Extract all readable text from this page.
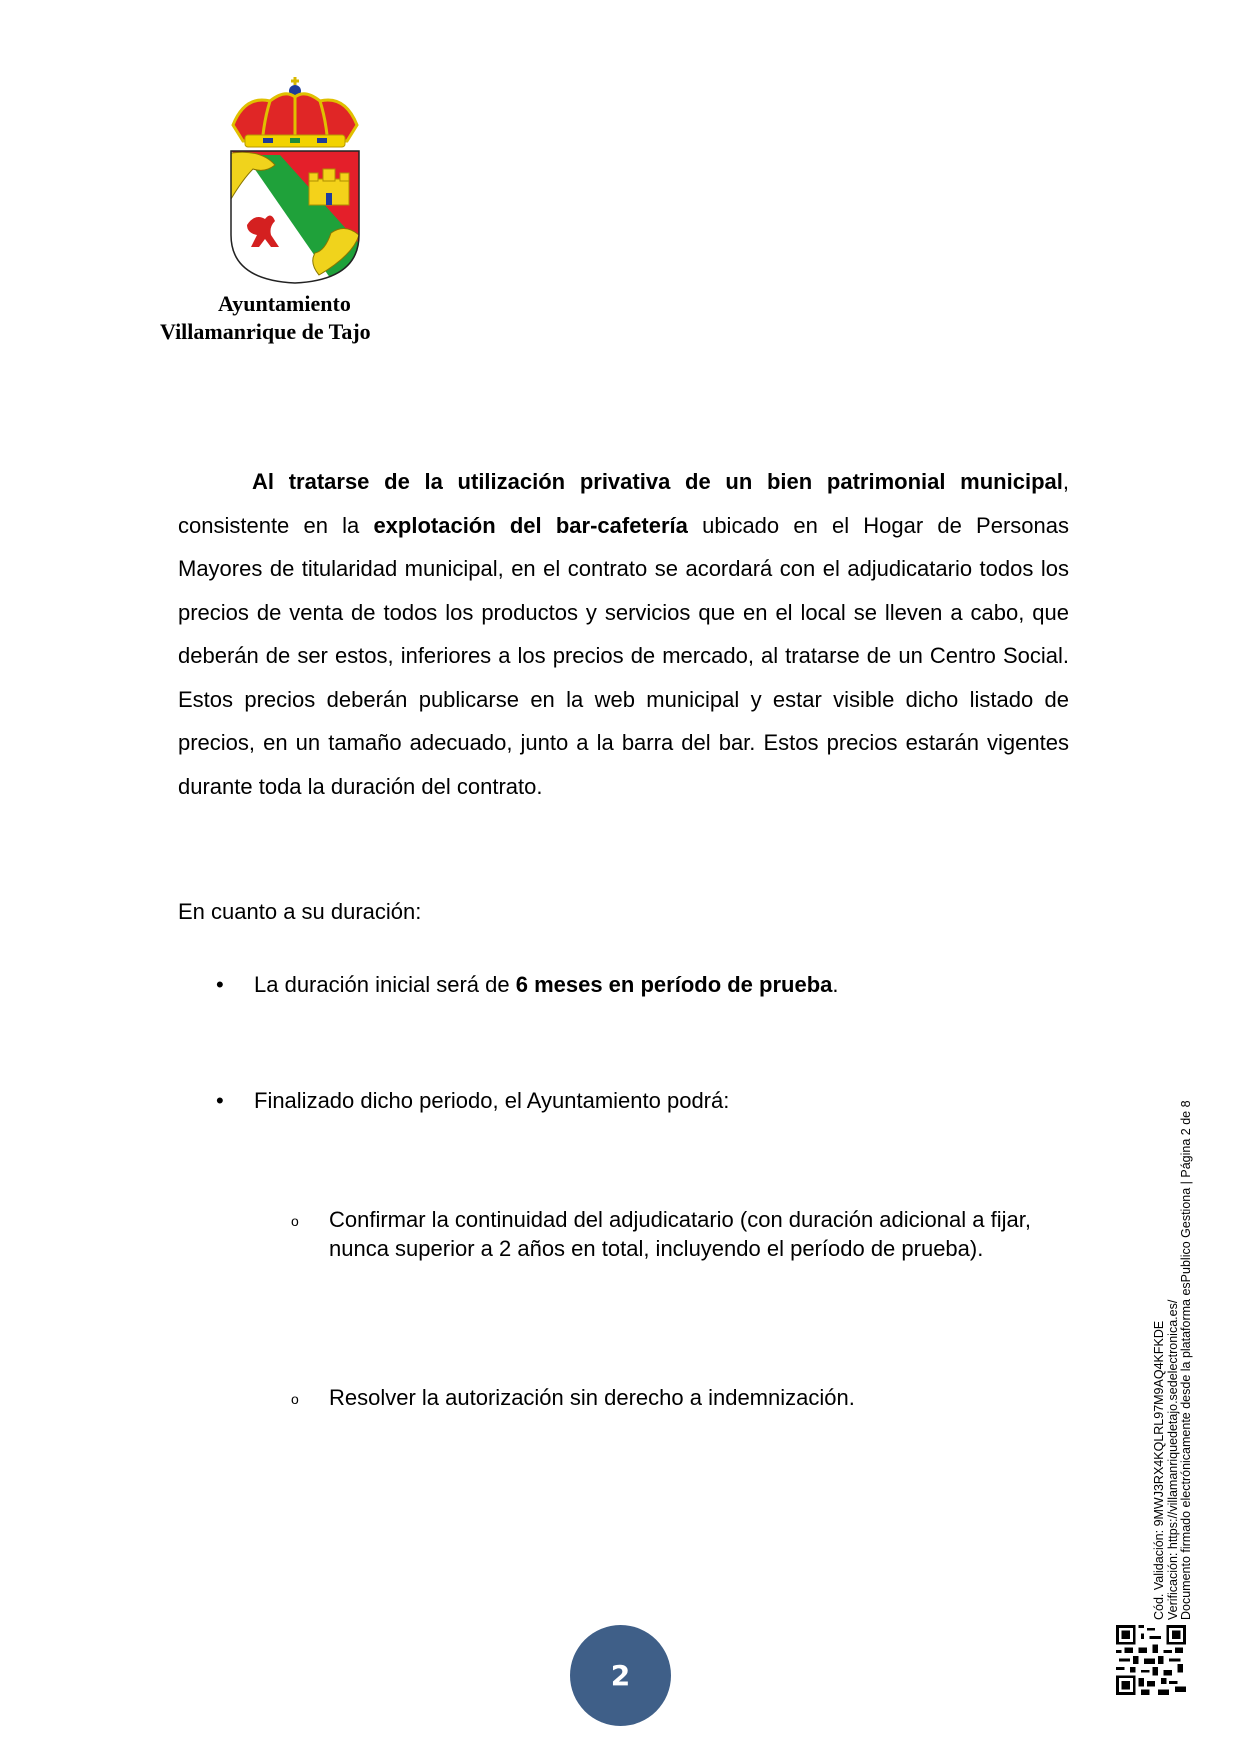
Ayuntamiento
Villamanrique de Tajo

Al tratarse de la utilización privativa de un bien patrimonial municipal, consistente en la explotación del bar-cafetería ubicado en el Hogar de Personas Mayores de titularidad municipal, en el contrato se acordará con el adjudicatario todos los precios de venta de todos los productos y servicios que en el local se lleven a cabo, que deberán de ser estos, inferiores a los precios de mercado, al tratarse de un Centro Social. Estos precios deberán publicarse en la web municipal y estar visible dicho listado de precios, en un tamaño adecuado, junto a la barra del bar. Estos precios estarán vigentes durante toda la duración del contrato.

En cuanto a su duración:

• La duración inicial será de 6 meses en período de prueba.
• Finalizado dicho periodo, el Ayuntamiento podrá:
o Confirmar la continuidad del adjudicatario (con duración adicional a fijar, nunca superior a 2 años en total, incluyendo el período de prueba).
o Resolver la autorización sin derecho a indemnización.	Cód. Validación: 9MWJ3RX4KQLRL97M9AQ4KFKDE Verificación: https://villamanriquedetajo.sedelectronica.es/ Documento firmado electrónicamente desde la plataforma esPublico Gestiona | Página 2 de 8
2
